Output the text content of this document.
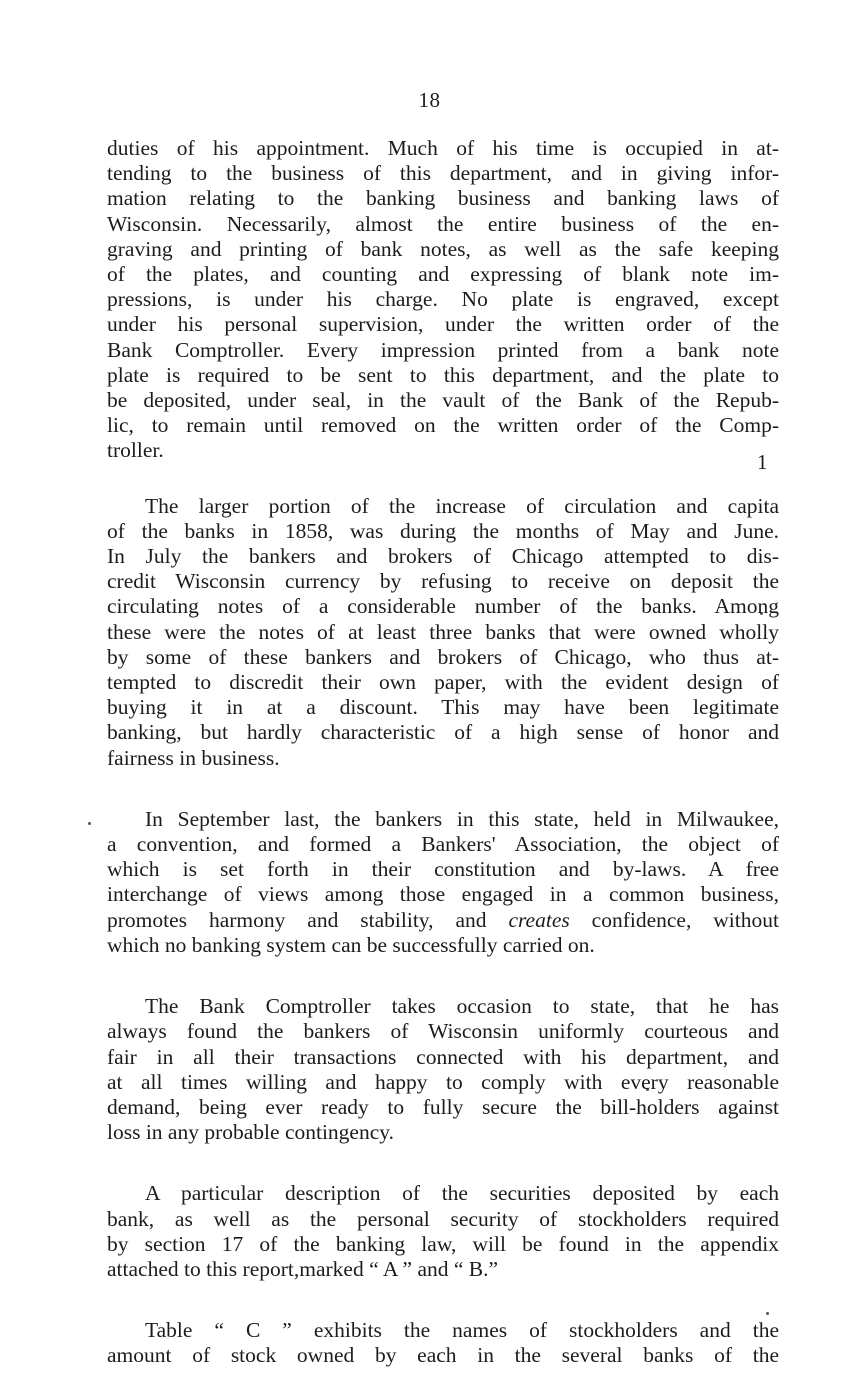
18
1
duties of his appointment. Much of his time is occupied in at-
tending to the business of this department, and in giving infor-
mation relating to the banking business and banking laws of
Wisconsin. Necessarily, almost the entire business of the en-
graving and printing of bank notes, as well as the safe keeping
of the plates, and counting and expressing of blank note im-
pressions, is under his charge. No plate is engraved, except
under his personal supervision, under the written order of the
Bank Comptroller. Every impression printed from a bank note
plate is required to be sent to this department, and the plate to
be deposited, under seal, in the vault of the Bank of the Repub-
lic, to remain until removed on the written order of the Comp-
troller.
The larger portion of the increase of circulation and capita
of the banks in 1858, was during the months of May and June.
In July the bankers and brokers of Chicago attempted to dis-
credit Wisconsin currency by refusing to receive on deposit the
circulating notes of a considerable number of the banks. Among
these were the notes of at least three banks that were owned wholly
by some of these bankers and brokers of Chicago, who thus at-
tempted to discredit their own paper, with the evident design of
buying it in at a discount. This may have been legitimate
banking, but hardly characteristic of a high sense of honor and
fairness in business.
In September last, the bankers in this state, held in Milwaukee,
a convention, and formed a Bankers' Association, the object of
which is set forth in their constitution and by-laws. A free
interchange of views among those engaged in a common business,
promotes harmony and stability, and creates confidence, without
which no banking system can be successfully carried on.
The Bank Comptroller takes occasion to state, that he has
always found the bankers of Wisconsin uniformly courteous and
fair in all their transactions connected with his department, and
at all times willing and happy to comply with every reasonable
demand, being ever ready to fully secure the bill-holders against
loss in any probable contingency.
A particular description of the securities deposited by each
bank, as well as the personal security of stockholders required
by section 17 of the banking law, will be found in the appendix
attached to this report,marked “ A ” and “ B.”
Table “ C ” exhibits the names of stockholders and the
amount of stock owned by each in the several banks of the
